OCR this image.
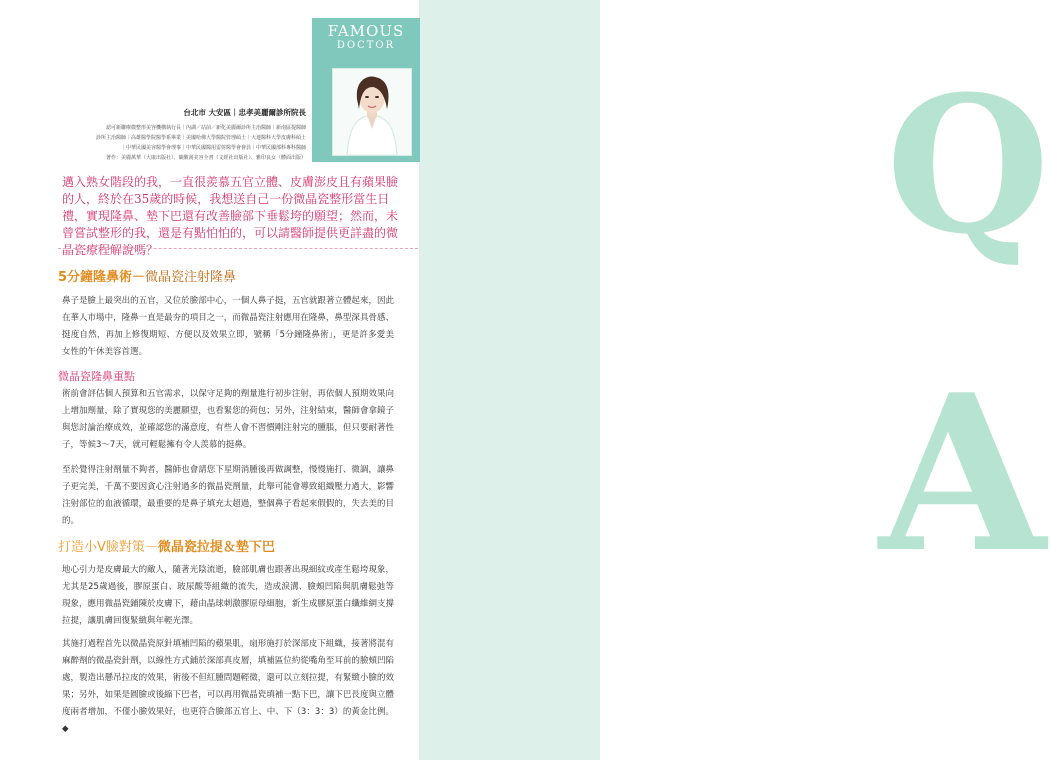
Q
A
FAMOUS
DOCTOR
台北市 大安區｜忠孝美麗爾診所院長
認可新聯療微整形美容機構執行長｜內湖／站前／新化美麗爾診所主治醫師｜新南區提醫師
診所主治醫師｜高雄醫學院醫學系畢業｜美國哈佛大學醫院管理碩士｜大連醫科大學皮膚科碩士
｜中華民國美容醫學會理事｜中華民國醫用雷射醫學會會員｜中華民國部科專科醫師
著作：美麗萬華（大康出版社）、碳酸刮美容全書（文經社出版社）、雅印良女（體面出版）
邁入熟女階段的我，一直很羨慕五官立體、皮膚澎皮且有蘋果臉的人，終於在35歲的時候，我想送自己一份微晶瓷整形當生日禮，實現隆鼻、墊下巴還有改善臉部下垂鬆垮的願望；然而，未曾嘗試整形的我，還是有點怕怕的，可以請醫師提供更詳盡的微晶瓷療程解說嗎？
5分鐘隆鼻術－微晶瓷注射隆鼻
鼻子是臉上最突出的五官，又位於臉部中心，一個人鼻子挺，五官就跟著立體起來，因此在華人市場中，隆鼻一直是最夯的項目之一，而微晶瓷注射應用在隆鼻，鼻型深具骨感、挺度自然，再加上修復期短、方便以及效果立即，號稱「5分鐘隆鼻術」，更是許多愛美女性的午休美容首選。
微晶瓷隆鼻重點
術前會評估個人預算和五官需求，以保守足夠的劑量進行初步注射，再依個人預期效果向上增加劑量，除了實現您的美麗願望，也看緊您的荷包；另外，注射結束，醫師會拿鏡子與您討論治療成效，並確認您的滿意度，有些人會不習慣剛注射完的腫脹，但只要耐著性子，等候3～7天，就可輕鬆擁有令人羨慕的挺鼻。
至於覺得注射劑量不夠者，醫師也會請您下星期消腫後再做調整，慢慢施打、微調，讓鼻子更完美，千萬不要因貪心注射過多的微晶瓷劑量，此舉可能會導致組織壓力過大，影響注射部位的血液循環，最重要的是鼻子填充太超過，整個鼻子看起來假假的，失去美的目的。
打造小V臉對策－微晶瓷拉提＆墊下巴
地心引力是皮膚最大的敵人，隨著光陰流逝，臉部肌膚也跟著出現細紋或產生鬆垮現象，尤其是25歲過後，膠原蛋白、玻尿酸等組織的流失，造成淚溝、臉頰凹陷與肌膚鬆弛等現象，應用微晶瓷鋪陳於皮膚下，藉由晶球刺激膠原母細胞，新生成膠原蛋白纖維網支撐拉提，讓肌膚回復緊緻與年輕光澤。
其施打過程首先以微晶瓷原針填補凹陷的蘋果肌，扇形施打於深部皮下組織，接著將混有麻醉劑的微晶瓷針劑，以線性方式鋪於深部真皮層，填補區位約從嘴角至耳前的臉頰凹陷處，製造出懸吊拉皮的效果，術後不但紅腫問題輕微，還可以立刻拉提，有緊緻小臉的效果；另外，如果是圓臉或後縮下巴者，可以再用微晶瓷填補一點下巴，讓下巴長度與立體度兩者增加，不僅小臉效果好，也更符合臉部五官上、中、下（3：3：3）的黃金比例。◆
